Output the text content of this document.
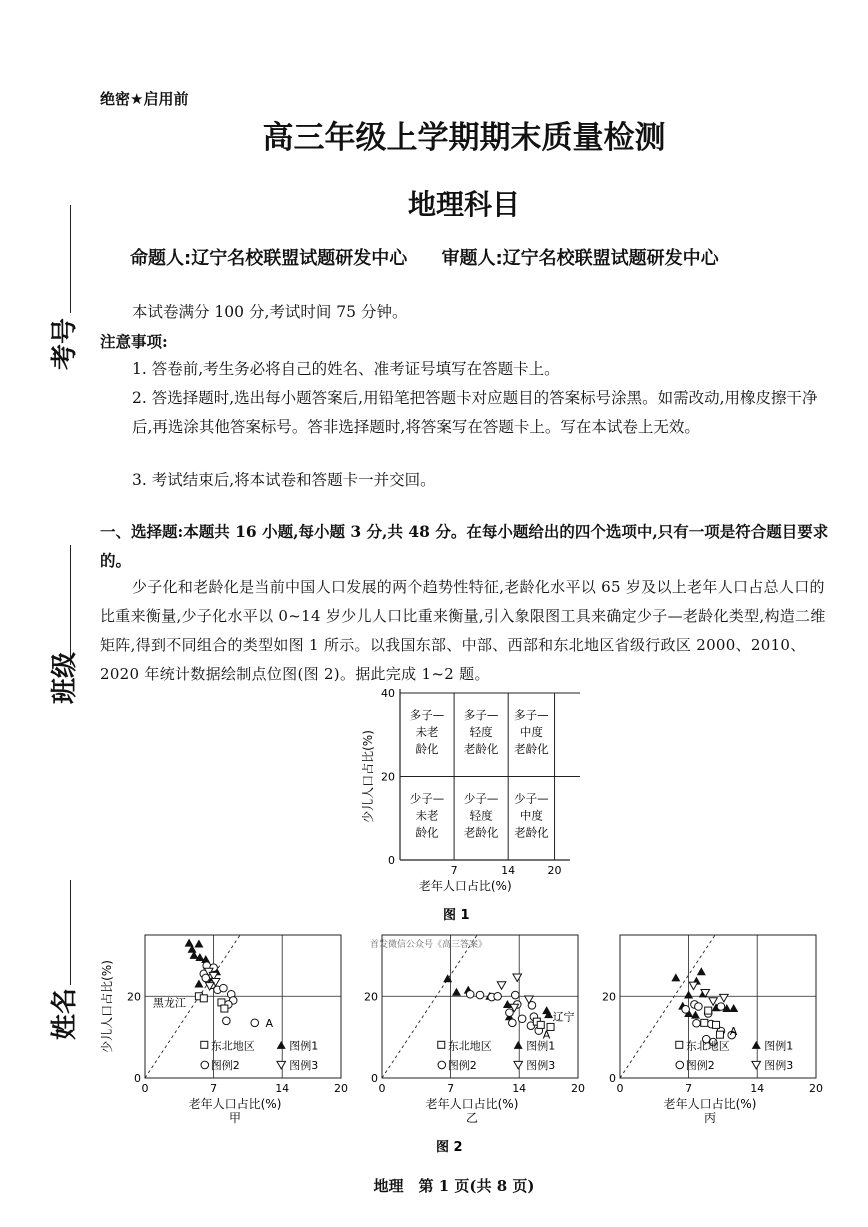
绝密★启用前
高三年级上学期期末质量检测
地理科目
命题人:辽宁名校联盟试题研发中心 审题人:辽宁名校联盟试题研发中心
考号
班级
姓名
本试卷满分 100 分,考试时间 75 分钟。
注意事项:
1. 答卷前,考生务必将自己的姓名、准考证号填写在答题卡上。
2. 答选择题时,选出每小题答案后,用铅笔把答题卡对应题目的答案标号涂黑。如需改动,用橡皮擦干净后,再选涂其他答案标号。答非选择题时,将答案写在答题卡上。写在本试卷上无效。
3. 考试结束后,将本试卷和答题卡一并交回。
一、选择题:本题共 16 小题,每小题 3 分,共 48 分。在每小题给出的四个选项中,只有一项是符合题目要求的。
少子化和老龄化是当前中国人口发展的两个趋势性特征,老龄化水平以 65 岁及以上老年人口占总人口的比重来衡量,少子化水平以 0~14 岁少儿人口比重来衡量,引入象限图工具来确定少子—老龄化类型,构造二维矩阵,得到不同组合的类型如图 1 所示。以我国东部、中部、西部和东北地区省级行政区 2000、2010、2020 年统计数据绘制点位图(图 2)。据此完成 1~2 题。
7	14	20
0
20
40
老年人口占比(%)
少儿人口占比(%)
多子—
未老
龄化
多子—
轻度
老龄化
多子—
中度
老龄化
少子—
未老
龄化
少子—
轻度
老龄化
少子—
中度
老龄化
图 1
0	7	14	20
0
20
老年人口占比(%)
甲
少儿人口占比(%)	黑龙江
A
东北地区
图例2
图例1
图例3
0	7	14	20
0
20
老年人口占比(%)
乙
辽宁
A
首发微信公众号《高三答案》
东北地区
图例2
图例1
图例3
0	7	14	20
0
20
老年人口占比(%)
丙
A
东北地区
图例2
图例1
图例3
图 2
地理　第 1 页(共 8 页)
